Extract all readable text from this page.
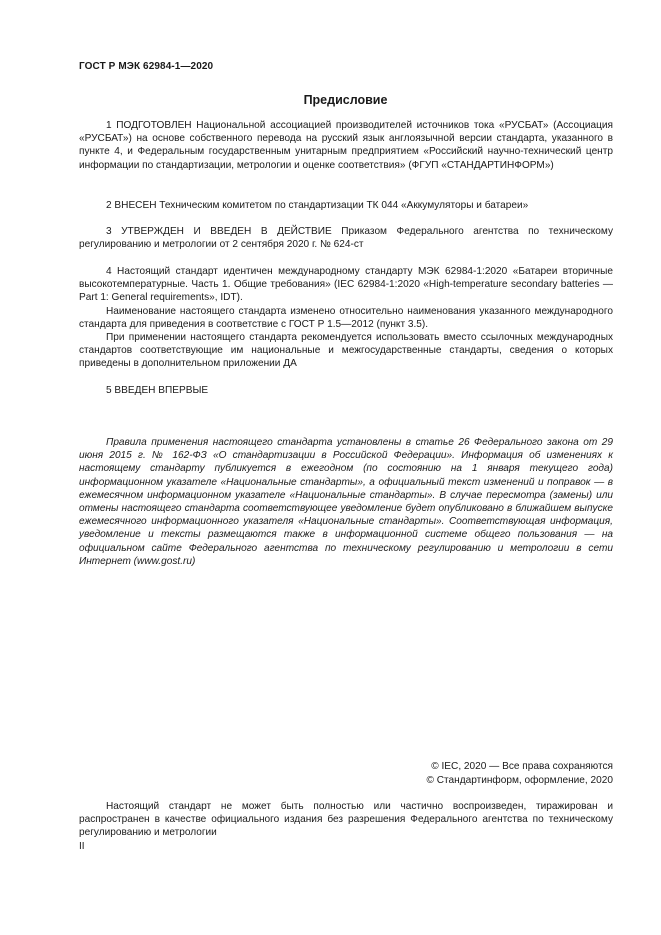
ГОСТ Р МЭК 62984-1—2020
Предисловие

1 ПОДГОТОВЛЕН Национальной ассоциацией производителей источников тока «РУСБАТ» (Ассоциация «РУСБАТ») на основе собственного перевода на русский язык англоязычной версии стандарта, указанного в пункте 4, и Федеральным государственным унитарным предприятием «Российский научно-технический центр информации по стандартизации, метрологии и оценке соответствия» (ФГУП «СТАНДАРТИНФОРМ»)

2 ВНЕСЕН Техническим комитетом по стандартизации ТК 044 «Аккумуляторы и батареи»

3 УТВЕРЖДЕН И ВВЕДЕН В ДЕЙСТВИЕ Приказом Федерального агентства по техническому регулированию и метрологии от 2 сентября 2020 г. № 624-ст

4 Настоящий стандарт идентичен международному стандарту МЭК 62984-1:2020 «Батареи вторичные высокотемпературные. Часть 1. Общие требования» (IEC 62984-1:2020 «High-temperature secondary batteries — Part 1: General requirements», IDT).

Наименование настоящего стандарта изменено относительно наименования указанного международного стандарта для приведения в соответствие с ГОСТ Р 1.5—2012 (пункт 3.5).

При применении настоящего стандарта рекомендуется использовать вместо ссылочных международных стандартов соответствующие им национальные и межгосударственные стандарты, сведения о которых приведены в дополнительном приложении ДА

5 ВВЕДЕН ВПЕРВЫЕ

Правила применения настоящего стандарта установлены в статье 26 Федерального закона от 29 июня 2015 г. № 162-ФЗ «О стандартизации в Российской Федерации». Информация об изменениях к настоящему стандарту публикуется в ежегодном (по состоянию на 1 января текущего года) информационном указателе «Национальные стандарты», а официальный текст изменений и поправок — в ежемесячном информационном указателе «Национальные стандарты». В случае пересмотра (замены) или отмены настоящего стандарта соответствующее уведомление будет опубликовано в ближайшем выпуске ежемесячного информационного указателя «Национальные стандарты». Соответствующая информация, уведомление и тексты размещаются также в информационной системе общего пользования — на официальном сайте Федерального агентства по техническому регулированию и метрологии в сети Интернет (www.gost.ru)

© IEC, 2020 — Все права сохраняются
© Стандартинформ, оформление, 2020

Настоящий стандарт не может быть полностью или частично воспроизведен, тиражирован и распространен в качестве официального издания без разрешения Федерального агентства по техническому регулированию и метрологии

II
